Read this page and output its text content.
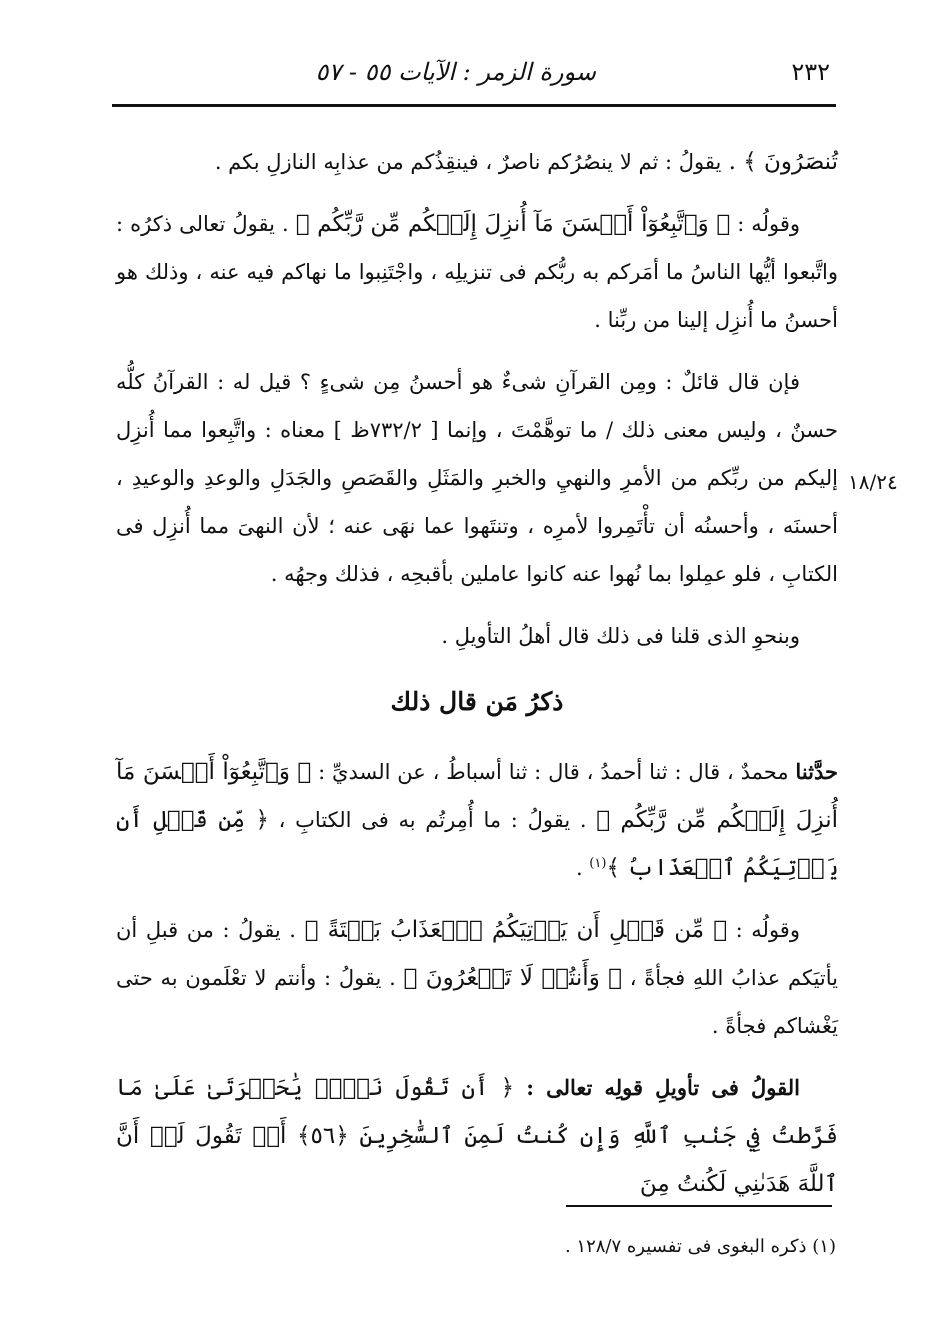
٢٣٢
سورة الزمر : الآيات ٥٥ - ٥٧
١٨/٢٤

تُنصَرُونَ ﴾ . يقولُ : ثم لا ينصُرُكم ناصرٌ ، فينقِذُكم من عذابِه النازلِ بكم .

وقولُه : ﴿ وَٱتَّبِعُوٓاْ أَحۡسَنَ مَآ أُنزِلَ إِلَيۡكُم مِّن رَّبِّكُم ﴾ . يقولُ تعالى ذكرُه : واتَّبعوا أيُّها الناسُ ما أمَركم به ربُّكم فى تنزيلِه ، واجْتَنِبوا ما نهاكم فيه عنه ، وذلك هو أحسنُ ما أُنزِل إلينا من ربِّنا .

فإن قال قائلٌ : ومِن القرآنِ شىءٌ هو أحسنُ مِن شىءٍ ؟ قيل له : القرآنُ كلُّه حسنٌ ، وليس معنى ذلك / ما توهَّمْتَ ، وإنما [ ٧٣٢/٢ظ ] معناه : واتَّبِعوا مما أُنزِل إليكم من ربِّكم من الأمرِ والنهيِ والخبرِ والمَثَلِ والقَصَصِ والجَدَلِ والوعدِ والوعيدِ ، أحسنَه ، وأحسنُه أن تأْتَمِروا لأمرِه ، وتنتَهوا عما نهَى عنه ؛ لأن النهىَ مما أُنزِل فى الكتابِ ، فلو عمِلوا بما نُهوا عنه كانوا عاملين بأقبحِه ، فذلك وجهُه .

وبنحوِ الذى قلنا فى ذلك قال أهلُ التأويلِ .

ذكرُ مَن قال ذلك

حدَّثنا محمدٌ ، قال : ثنا أحمدُ ، قال : ثنا أسباطُ ، عن السديِّ : ﴿ وَٱتَّبِعُوٓاْ أَحۡسَنَ مَآ أُنزِلَ إِلَيۡكُم مِّن رَّبِّكُم ﴾ . يقولُ : ما أُمِرتُم به فى الكتابِ ، ﴿ مِّن قَبۡلِ أَن يَأۡتِيَكُمُ ٱلۡعَذَابُ ﴾$^{(١)}$ .

وقولُه : ﴿ مِّن قَبۡلِ أَن يَأۡتِيَكُمُ ٱلۡعَذَابُ بَغۡتَةً ﴾ . يقولُ : من قبلِ أن يأتيَكم عذابُ اللهِ فجأةً ، ﴿ وَأَنتُمۡ لَا تَشۡعُرُونَ ﴾ . يقولُ : وأنتم لا تعْلَمون به حتى يَغْشاكم فجأةً .

القولُ فى تأويلِ قولِه تعالى : ﴿ أَن تَقُولَ نَفۡسٞ يَٰحَسۡرَتَىٰ عَلَىٰ مَا فَرَّطتُ فِي جَنۢبِ ٱللَّهِ وَإِن كُنتُ لَمِنَ ٱلسَّٰخِرِينَ ﴿٥٦﴾ أَوۡ تَقُولَ لَوۡ أَنَّ ٱللَّهَ هَدَىٰنِي لَكُنتُ مِنَ

(١) ذكره البغوى فى تفسيره ١٢٨/٧ .
